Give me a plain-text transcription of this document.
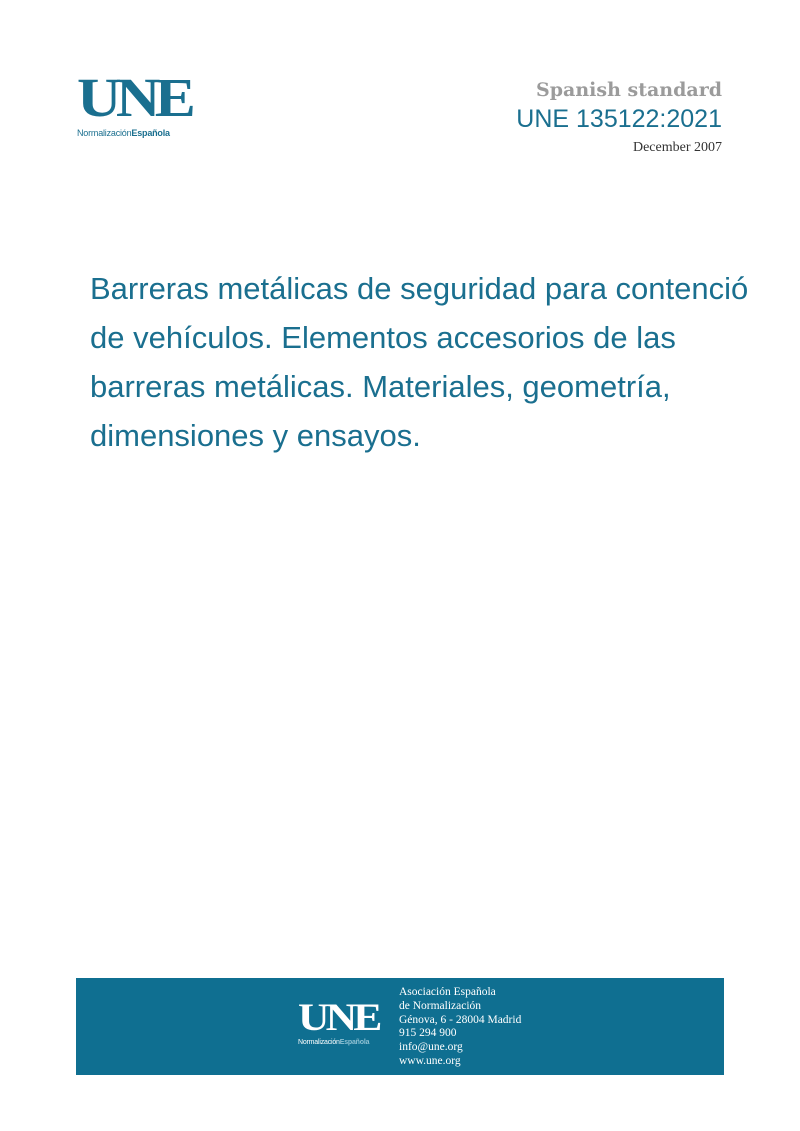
UNE
NormalizaciónEspañola
Spanish standard
UNE 135122:2021
December 2007
Barreras metálicas de seguridad para contenció
de vehículos. Elementos accesorios de las
barreras metálicas. Materiales, geometría,
dimensiones y ensayos.
UNE
NormalizaciónEspañola
Asociación Española
de Normalización
Génova, 6 - 28004 Madrid
915 294 900
info@une.org
www.une.org
